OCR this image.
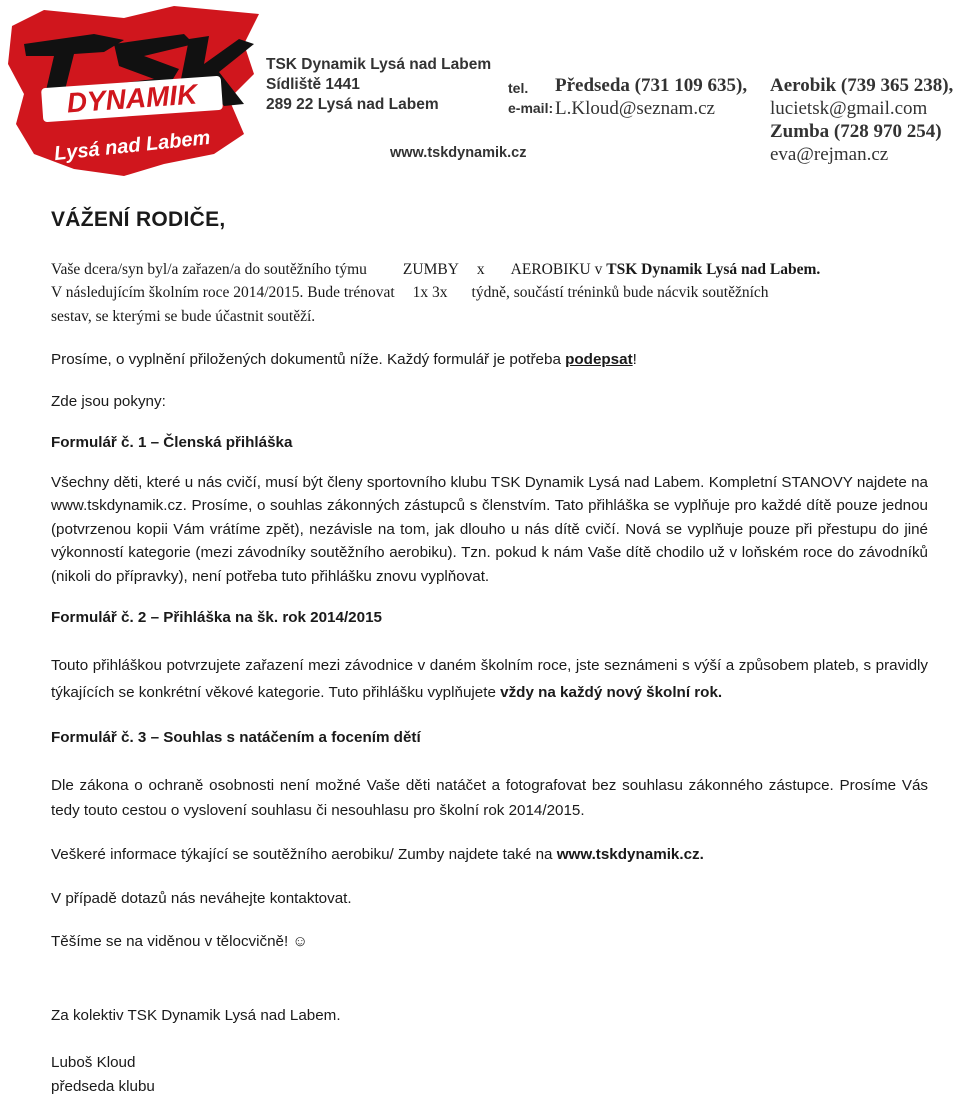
DYNAMIK
Lysá nad Labem
TSK
TSK Dynamik Lysá nad Labem
Sídliště 1441
289 22 Lysá nad Labem
tel.
e-mail:
Předseda (731 109 635),
L.Kloud@seznam.cz
Aerobik (739 365 238),
lucietsk@gmail.com
Zumba (728 970 254)
eva@rejman.cz
www.tskdynamik.cz
VÁŽENÍ RODIČE,

Vaše dcera/syn byl/a zařazen/a do soutěžního týmu ZUMBY x AEROBIKU v TSK Dynamik Lysá nad Labem.

V následujícím školním roce 2014/2015. Bude trénovat 1x 3x týdně, součástí tréninků bude nácvik soutěžních

sestav, se kterými se bude účastnit soutěží.

Prosíme, o vyplnění přiložených dokumentů níže. Každý formulář je potřeba podepsat!

Zde jsou pokyny:

Formulář č. 1 – Členská přihláška

Všechny děti, které u nás cvičí, musí být členy sportovního klubu TSK Dynamik Lysá nad Labem. Kompletní STANOVY najdete na www.tskdynamik.cz. Prosíme, o souhlas zákonných zástupců s členstvím. Tato přihláška se vyplňuje pro každé dítě pouze jednou (potvrzenou kopii Vám vrátíme zpět), nezávisle na tom, jak dlouho u nás dítě cvičí. Nová se vyplňuje pouze při přestupu do jiné výkonností kategorie (mezi závodníky soutěžního aerobiku). Tzn. pokud k nám Vaše dítě chodilo už v loňském roce do závodníků (nikoli do přípravky), není potřeba tuto přihlášku znovu vyplňovat.

Formulář č. 2 – Přihláška na šk. rok 2014/2015

Touto přihláškou potvrzujete zařazení mezi závodnice v daném školním roce, jste seznámeni s výší a způsobem plateb, s pravidly týkajících se konkrétní věkové kategorie. Tuto přihlášku vyplňujete vždy na každý nový školní rok.

Formulář č. 3 – Souhlas s natáčením a focením dětí

Dle zákona o ochraně osobnosti není možné Vaše děti natáčet a fotografovat bez souhlasu zákonného zástupce. Prosíme Vás tedy touto cestou o vyslovení souhlasu či nesouhlasu pro školní rok 2014/2015.

Veškeré informace týkající se soutěžního aerobiku/ Zumby najdete také na www.tskdynamik.cz.

V případě dotazů nás neváhejte kontaktovat.

Těšíme se na viděnou v tělocvičně! ☺

Za kolektiv TSK Dynamik Lysá nad Labem.

Luboš Kloud

předseda klubu
